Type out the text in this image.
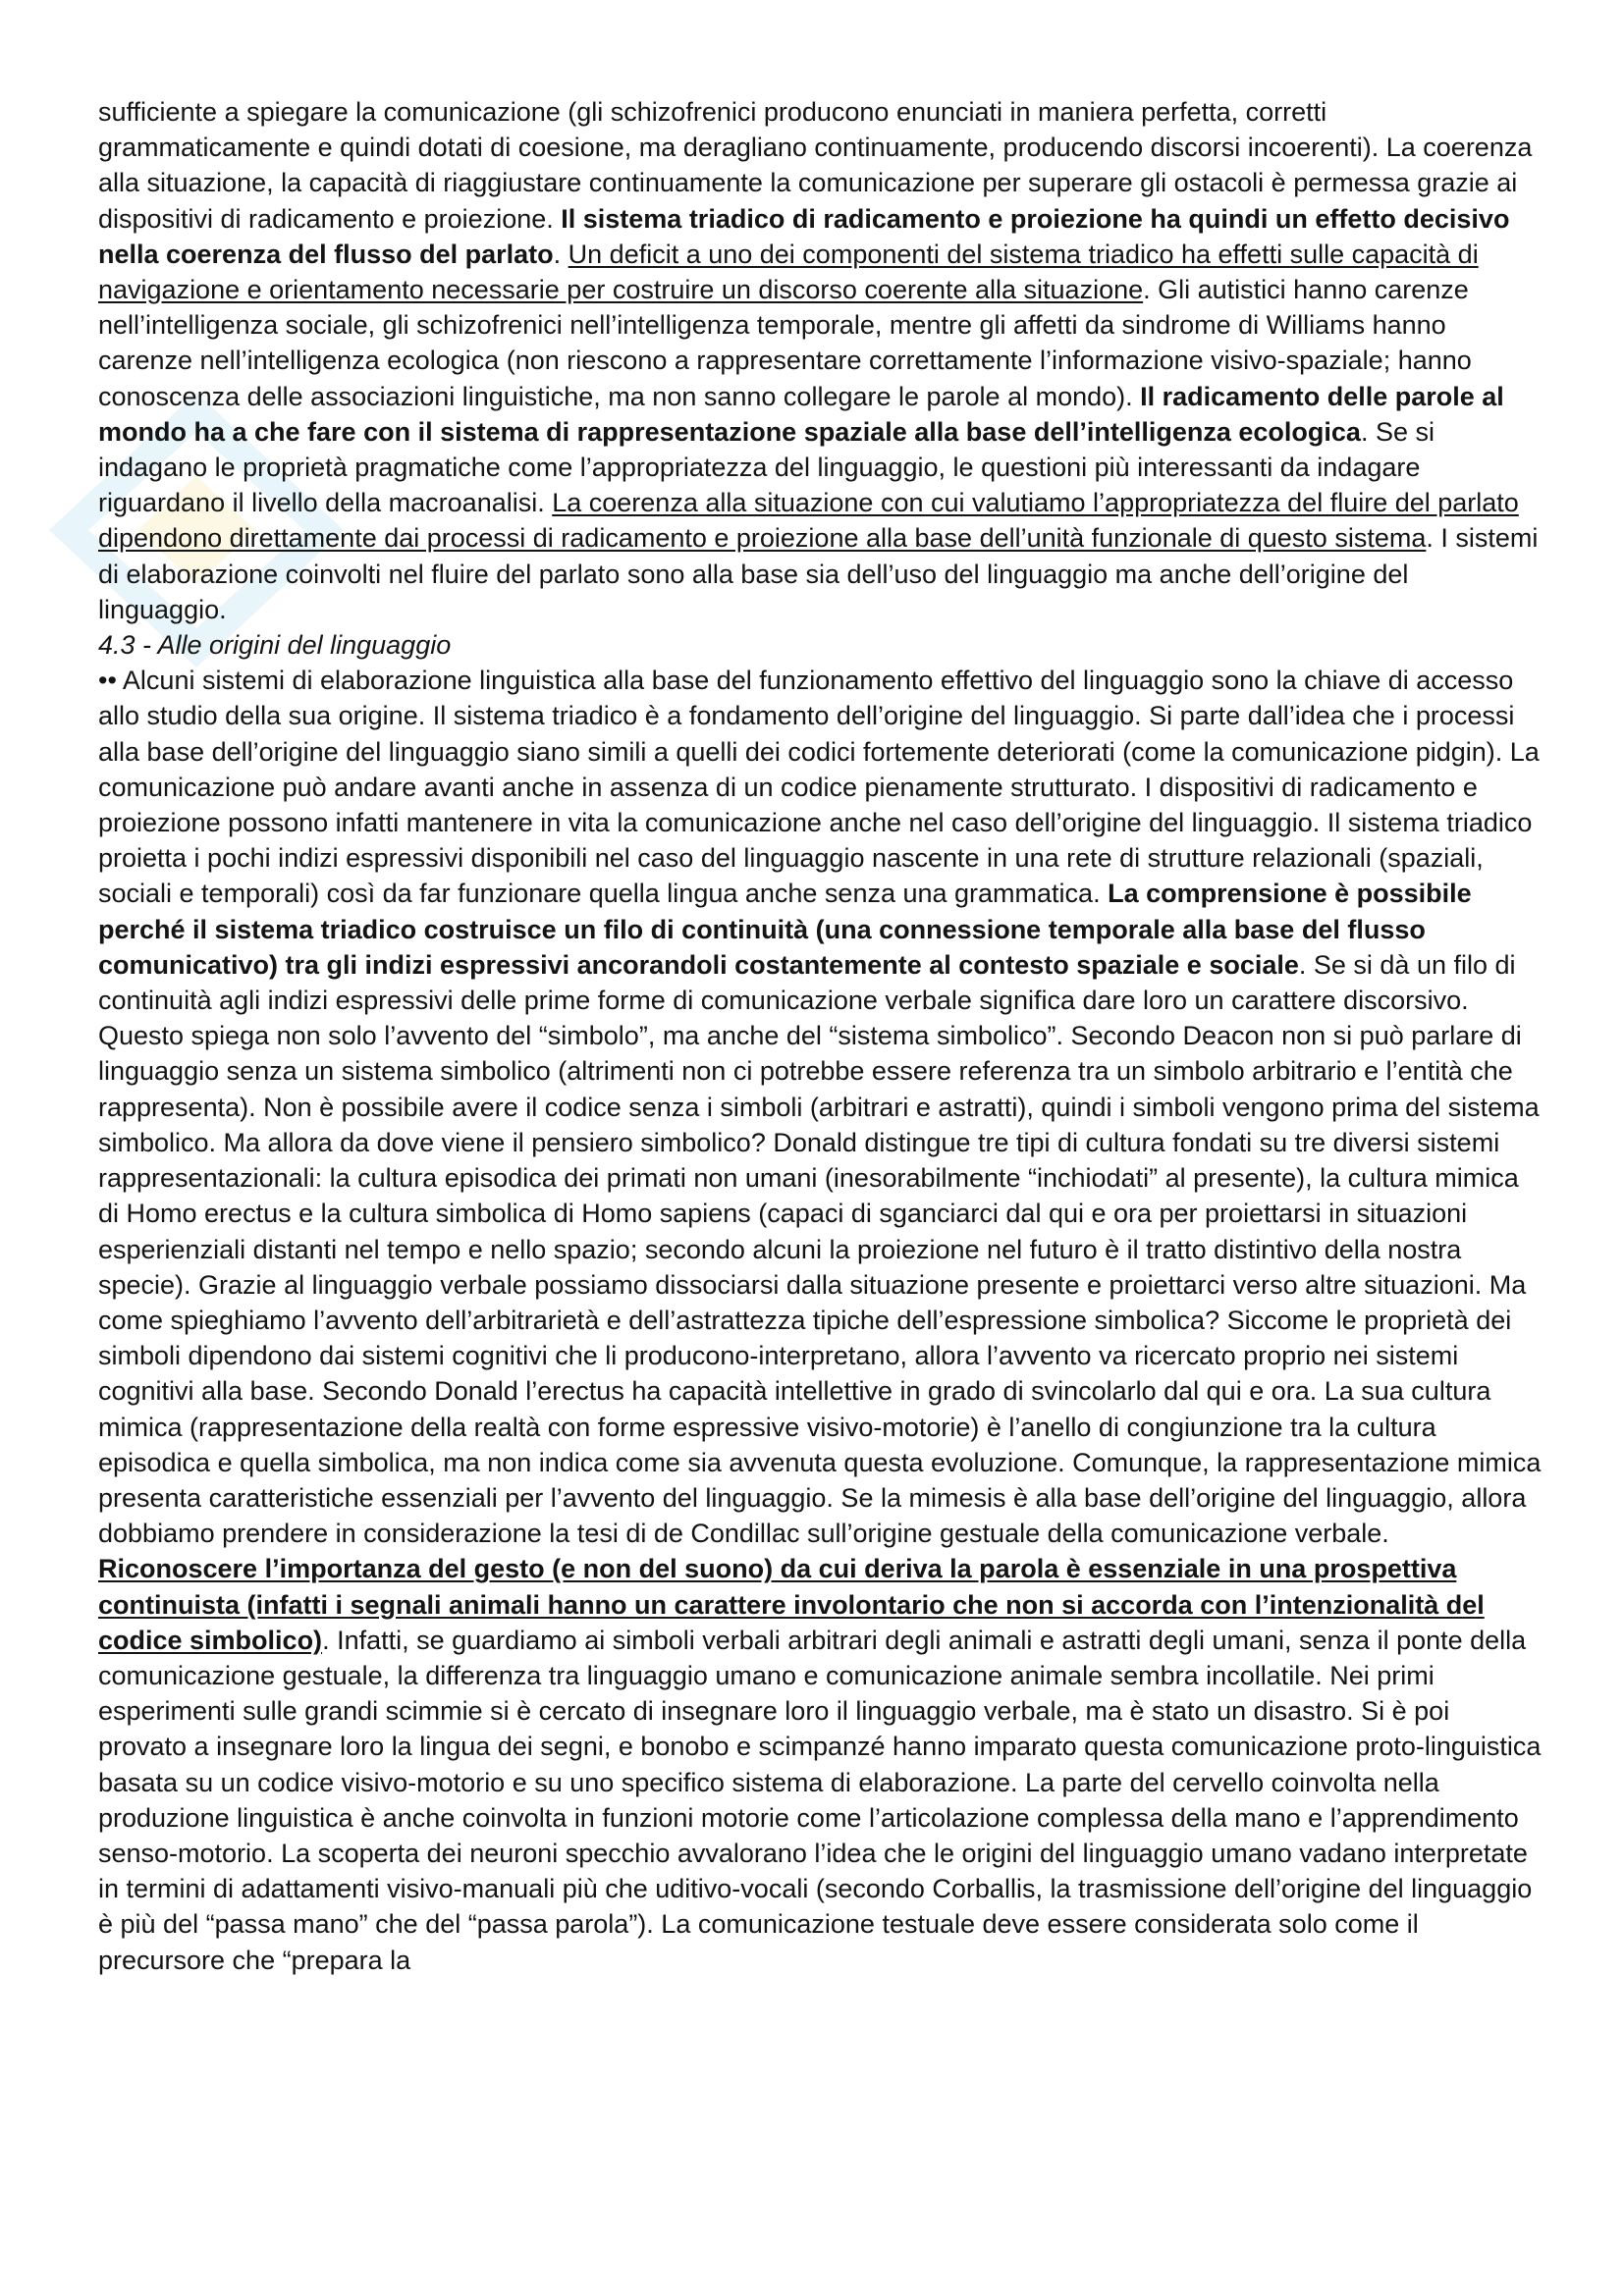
sufficiente a spiegare la comunicazione (gli schizofrenici producono enunciati in maniera perfetta, corretti grammaticamente e quindi dotati di coesione, ma deragliano continuamente, producendo discorsi incoerenti). La coerenza alla situazione, la capacità di riaggiustare continuamente la comunicazione per superare gli ostacoli è permessa grazie ai dispositivi di radicamento e proiezione. Il sistema triadico di radicamento e proiezione ha quindi un effetto decisivo nella coerenza del flusso del parlato. Un deficit a uno dei componenti del sistema triadico ha effetti sulle capacità di navigazione e orientamento necessarie per costruire un discorso coerente alla situazione. Gli autistici hanno carenze nell’intelligenza sociale, gli schizofrenici nell’intelligenza temporale, mentre gli affetti da sindrome di Williams hanno carenze nell’intelligenza ecologica (non riescono a rappresentare correttamente l’informazione visivo-spaziale; hanno conoscenza delle associazioni linguistiche, ma non sanno collegare le parole al mondo). Il radicamento delle parole al mondo ha a che fare con il sistema di rappresentazione spaziale alla base dell’intelligenza ecologica. Se si indagano le proprietà pragmatiche come l’appropriatezza del linguaggio, le questioni più interessanti da indagare riguardano il livello della macroanalisi. La coerenza alla situazione con cui valutiamo l’appropriatezza del fluire del parlato dipendono direttamente dai processi di radicamento e proiezione alla base dell’unità funzionale di questo sistema. I sistemi di elaborazione coinvolti nel fluire del parlato sono alla base sia dell’uso del linguaggio ma anche dell’origine del linguaggio.

4.3 - Alle origini del linguaggio

•• Alcuni sistemi di elaborazione linguistica alla base del funzionamento effettivo del linguaggio sono la chiave di accesso allo studio della sua origine. Il sistema triadico è a fondamento dell’origine del linguaggio. Si parte dall’idea che i processi alla base dell’origine del linguaggio siano simili a quelli dei codici fortemente deteriorati (come la comunicazione pidgin). La comunicazione può andare avanti anche in assenza di un codice pienamente strutturato. I dispositivi di radicamento e proiezione possono infatti mantenere in vita la comunicazione anche nel caso dell’origine del linguaggio. Il sistema triadico proietta i pochi indizi espressivi disponibili nel caso del linguaggio nascente in una rete di strutture relazionali (spaziali, sociali e temporali) così da far funzionare quella lingua anche senza una grammatica. La comprensione è possibile perché il sistema triadico costruisce un filo di continuità (una connessione temporale alla base del flusso comunicativo) tra gli indizi espressivi ancorandoli costantemente al contesto spaziale e sociale. Se si dà un filo di continuità agli indizi espressivi delle prime forme di comunicazione verbale significa dare loro un carattere discorsivo. Questo spiega non solo l’avvento del “simbolo”, ma anche del “sistema simbolico”. Secondo Deacon non si può parlare di linguaggio senza un sistema simbolico (altrimenti non ci potrebbe essere referenza tra un simbolo arbitrario e l’entità che rappresenta). Non è possibile avere il codice senza i simboli (arbitrari e astratti), quindi i simboli vengono prima del sistema simbolico. Ma allora da dove viene il pensiero simbolico? Donald distingue tre tipi di cultura fondati su tre diversi sistemi rappresentazionali: la cultura episodica dei primati non umani (inesorabilmente “inchiodati” al presente), la cultura mimica di Homo erectus e la cultura simbolica di Homo sapiens (capaci di sganciarci dal qui e ora per proiettarsi in situazioni esperienziali distanti nel tempo e nello spazio; secondo alcuni la proiezione nel futuro è il tratto distintivo della nostra specie). Grazie al linguaggio verbale possiamo dissociarsi dalla situazione presente e proiettarci verso altre situazioni. Ma come spieghiamo l’avvento dell’arbitrarietà e dell’astrattezza tipiche dell’espressione simbolica? Siccome le proprietà dei simboli dipendono dai sistemi cognitivi che li producono-interpretano, allora l’avvento va ricercato proprio nei sistemi cognitivi alla base. Secondo Donald l’erectus ha capacità intellettive in grado di svincolarlo dal qui e ora. La sua cultura mimica (rappresentazione della realtà con forme espressive visivo-motorie) è l’anello di congiunzione tra la cultura episodica e quella simbolica, ma non indica come sia avvenuta questa evoluzione. Comunque, la rappresentazione mimica presenta caratteristiche essenziali per l’avvento del linguaggio. Se la mimesis è alla base dell’origine del linguaggio, allora dobbiamo prendere in considerazione la tesi di de Condillac sull’origine gestuale della comunicazione verbale. Riconoscere l’importanza del gesto (e non del suono) da cui deriva la parola è essenziale in una prospettiva continuista (infatti i segnali animali hanno un carattere involontario che non si accorda con l’intenzionalità del codice simbolico). Infatti, se guardiamo ai simboli verbali arbitrari degli animali e astratti degli umani, senza il ponte della comunicazione gestuale, la differenza tra linguaggio umano e comunicazione animale sembra incollatile. Nei primi esperimenti sulle grandi scimmie si è cercato di insegnare loro il linguaggio verbale, ma è stato un disastro. Si è poi provato a insegnare loro la lingua dei segni, e bonobo e scimpanzé hanno imparato questa comunicazione proto-linguistica basata su un codice visivo-motorio e su uno specifico sistema di elaborazione. La parte del cervello coinvolta nella produzione linguistica è anche coinvolta in funzioni motorie come l’articolazione complessa della mano e l’apprendimento senso-motorio. La scoperta dei neuroni specchio avvalorano l’idea che le origini del linguaggio umano vadano interpretate in termini di adattamenti visivo-manuali più che uditivo-vocali (secondo Corballis, la trasmissione dell’origine del linguaggio è più del “passa mano” che del “passa parola”). La comunicazione testuale deve essere considerata solo come il precursore che “prepara la
